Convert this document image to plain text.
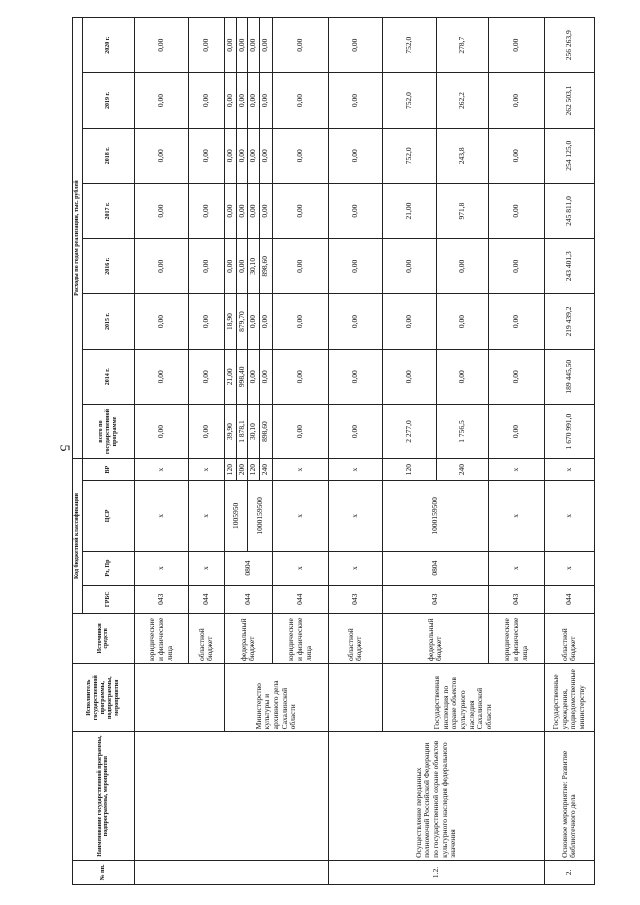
5
№ пп.	Наименование государственной программы, подпрограммы, мероприятия	Исполнитель государственной программы, подпрограммы, мероприятия	Источники средств	Код бюджетной классификации				Расходы по годам реализации, тыс. рублей							
				ГРБС	Рз, Пр	ЦСР	ВР	всего по государственной программе	2014 г.	2015 г.	2016 г.	2017 г.	2018 г.	2019 г.	2020 г.
			юридические и физические лица	043	х	х	х	0,00	0,00	0,00	0,00	0,00	0,00	0,00	0,00
			областной бюджет	044	х	х	х	0,00	0,00	0,00	0,00	0,00	0,00	0,00	0,00
		Министерство культуры и архивного дела Сахалинской области	федеральный бюджет	044	0804	1005950	120	39,90	21,00	18,90	0,00	0,00	0,00	0,00	0,00
							200	1 878,1	998,40	879,70	0,00	0,00	0,00	0,00	0,00
						1000159500	120	30,10	0,00	0,00	30,10	0,00	0,00	0,00	0,00
							240	898,60	0,00	0,00	898,60	0,00	0,00	0,00	0,00
			юридические и физические лица	044	х	х	х	0,00	0,00	0,00	0,00	0,00	0,00	0,00	0,00
1.2.	Осуществление переданных полномочий Российской Федерации по государственной охране объектов культурного наследия федерального значения		областной бюджет	043	х	х	х	0,00	0,00	0,00	0,00	0,00	0,00	0,00	0,00
		Государственная инспекция по охране объектов культурного наследия Сахалинской области	федеральный бюджет	043	0804	1000159500	120	2 277,0	0,00	0,00	0,00	21,00	752,0	752,0	752,0
							240	1 756,5	0,00	0,00	0,00	971,8	243,8	262,2	278,7
			юридические и физические лица	043	х	х	х	0,00	0,00	0,00	0,00	0,00	0,00	0,00	0,00
2.	Основное мероприятие: Развитие библиотечного дела	Государственные учреждения, подведомственные министерству	областной бюджет	044	х	х	х	1 670 991,0	189 445,50	219 439,2	243 401,3	245 811,0	254 125,0	262 503,1	256 263,9
